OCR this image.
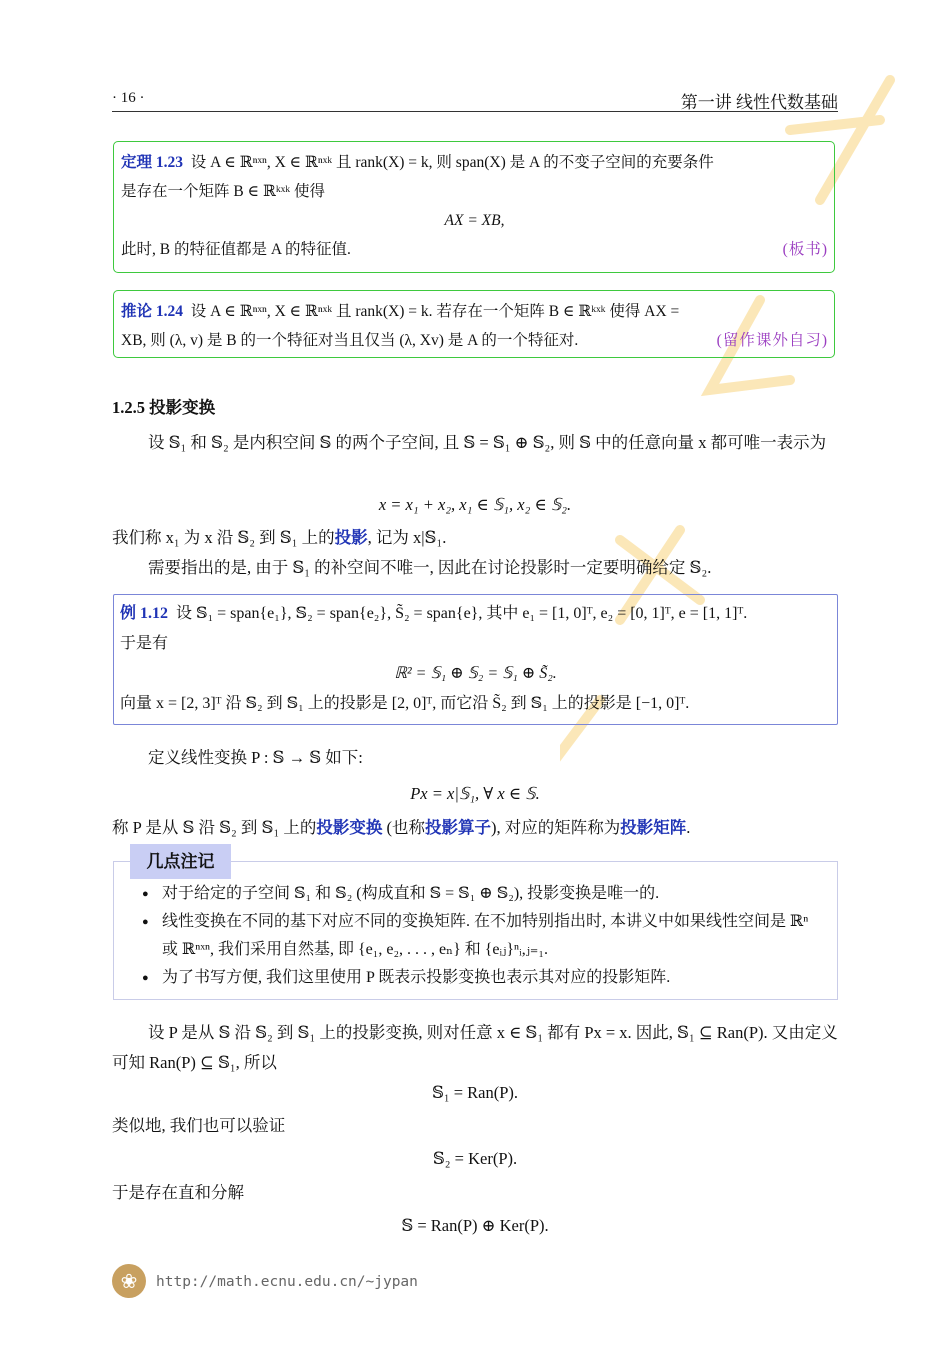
· 16 ·	第一讲 线性代数基础
定理 1.23 设 A ∈ ℝⁿˣⁿ, X ∈ ℝⁿˣᵏ 且 rank(X) = k, 则 span(X) 是 A 的不变子空间的充要条件
是存在一个矩阵 B ∈ ℝᵏˣᵏ 使得
AX = XB,
此时, B 的特征值都是 A 的特征值.	(板书)
推论 1.24 设 A ∈ ℝⁿˣⁿ, X ∈ ℝⁿˣᵏ 且 rank(X) = k. 若存在一个矩阵 B ∈ ℝᵏˣᵏ 使得 AX =
XB, 则 (λ, v) 是 B 的一个特征对当且仅当 (λ, Xv) 是 A 的一个特征对.	(留作课外自习)
1.2.5 投影变换
设 𝕊₁ 和 𝕊₂ 是内积空间 𝕊 的两个子空间, 且 𝕊 = 𝕊₁ ⊕ 𝕊₂, 则 𝕊 中的任意向量 x 都可唯一表示为
x = x₁ + x₂, x₁ ∈ 𝕊₁, x₂ ∈ 𝕊₂.
我们称 x₁ 为 x 沿 𝕊₂ 到 𝕊₁ 上的投影, 记为 x|𝕊₁.
需要指出的是, 由于 𝕊₁ 的补空间不唯一, 因此在讨论投影时一定要明确给定 𝕊₂.
例 1.12 设 𝕊₁ = span{e₁}, 𝕊₂ = span{e₂}, S̃₂ = span{e}, 其中 e₁ = [1, 0]ᵀ, e₂ = [0, 1]ᵀ, e = [1, 1]ᵀ.
于是有
ℝ² = 𝕊₁ ⊕ 𝕊₂ = 𝕊₁ ⊕ S̃₂.
向量 x = [2, 3]ᵀ 沿 𝕊₂ 到 𝕊₁ 上的投影是 [2, 0]ᵀ, 而它沿 S̃₂ 到 𝕊₁ 上的投影是 [−1, 0]ᵀ.
定义线性变换 P : 𝕊 → 𝕊 如下:
Px = x|𝕊₁, ∀ x ∈ 𝕊.
称 P 是从 𝕊 沿 𝕊₂ 到 𝕊₁ 上的投影变换 (也称投影算子), 对应的矩阵称为投影矩阵.
● 对于给定的子空间 𝕊₁ 和 𝕊₂ (构成直和 𝕊 = 𝕊₁ ⊕ 𝕊₂), 投影变换是唯一的.
● 线性变换在不同的基下对应不同的变换矩阵. 在不加特别指出时, 本讲义中如果线性空间是 ℝⁿ 或 ℝⁿˣⁿ, 我们采用自然基, 即 {e₁, e₂, . . . , eₙ} 和 {eᵢⱼ}ⁿᵢ,ⱼ₌₁.
● 为了书写方便, 我们这里使用 P 既表示投影变换也表示其对应的投影矩阵.
几点注记
设 P 是从 𝕊 沿 𝕊₂ 到 𝕊₁ 上的投影变换, 则对任意 x ∈ 𝕊₁ 都有 Px = x. 因此, 𝕊₁ ⊆ Ran(P). 又由定义可知 Ran(P) ⊆ 𝕊₁, 所以
𝕊₁ = Ran(P).
类似地, 我们也可以验证
𝕊₂ = Ker(P).
于是存在直和分解
𝕊 = Ran(P) ⊕ Ker(P).
❀	http://math.ecnu.edu.cn/~jypan
